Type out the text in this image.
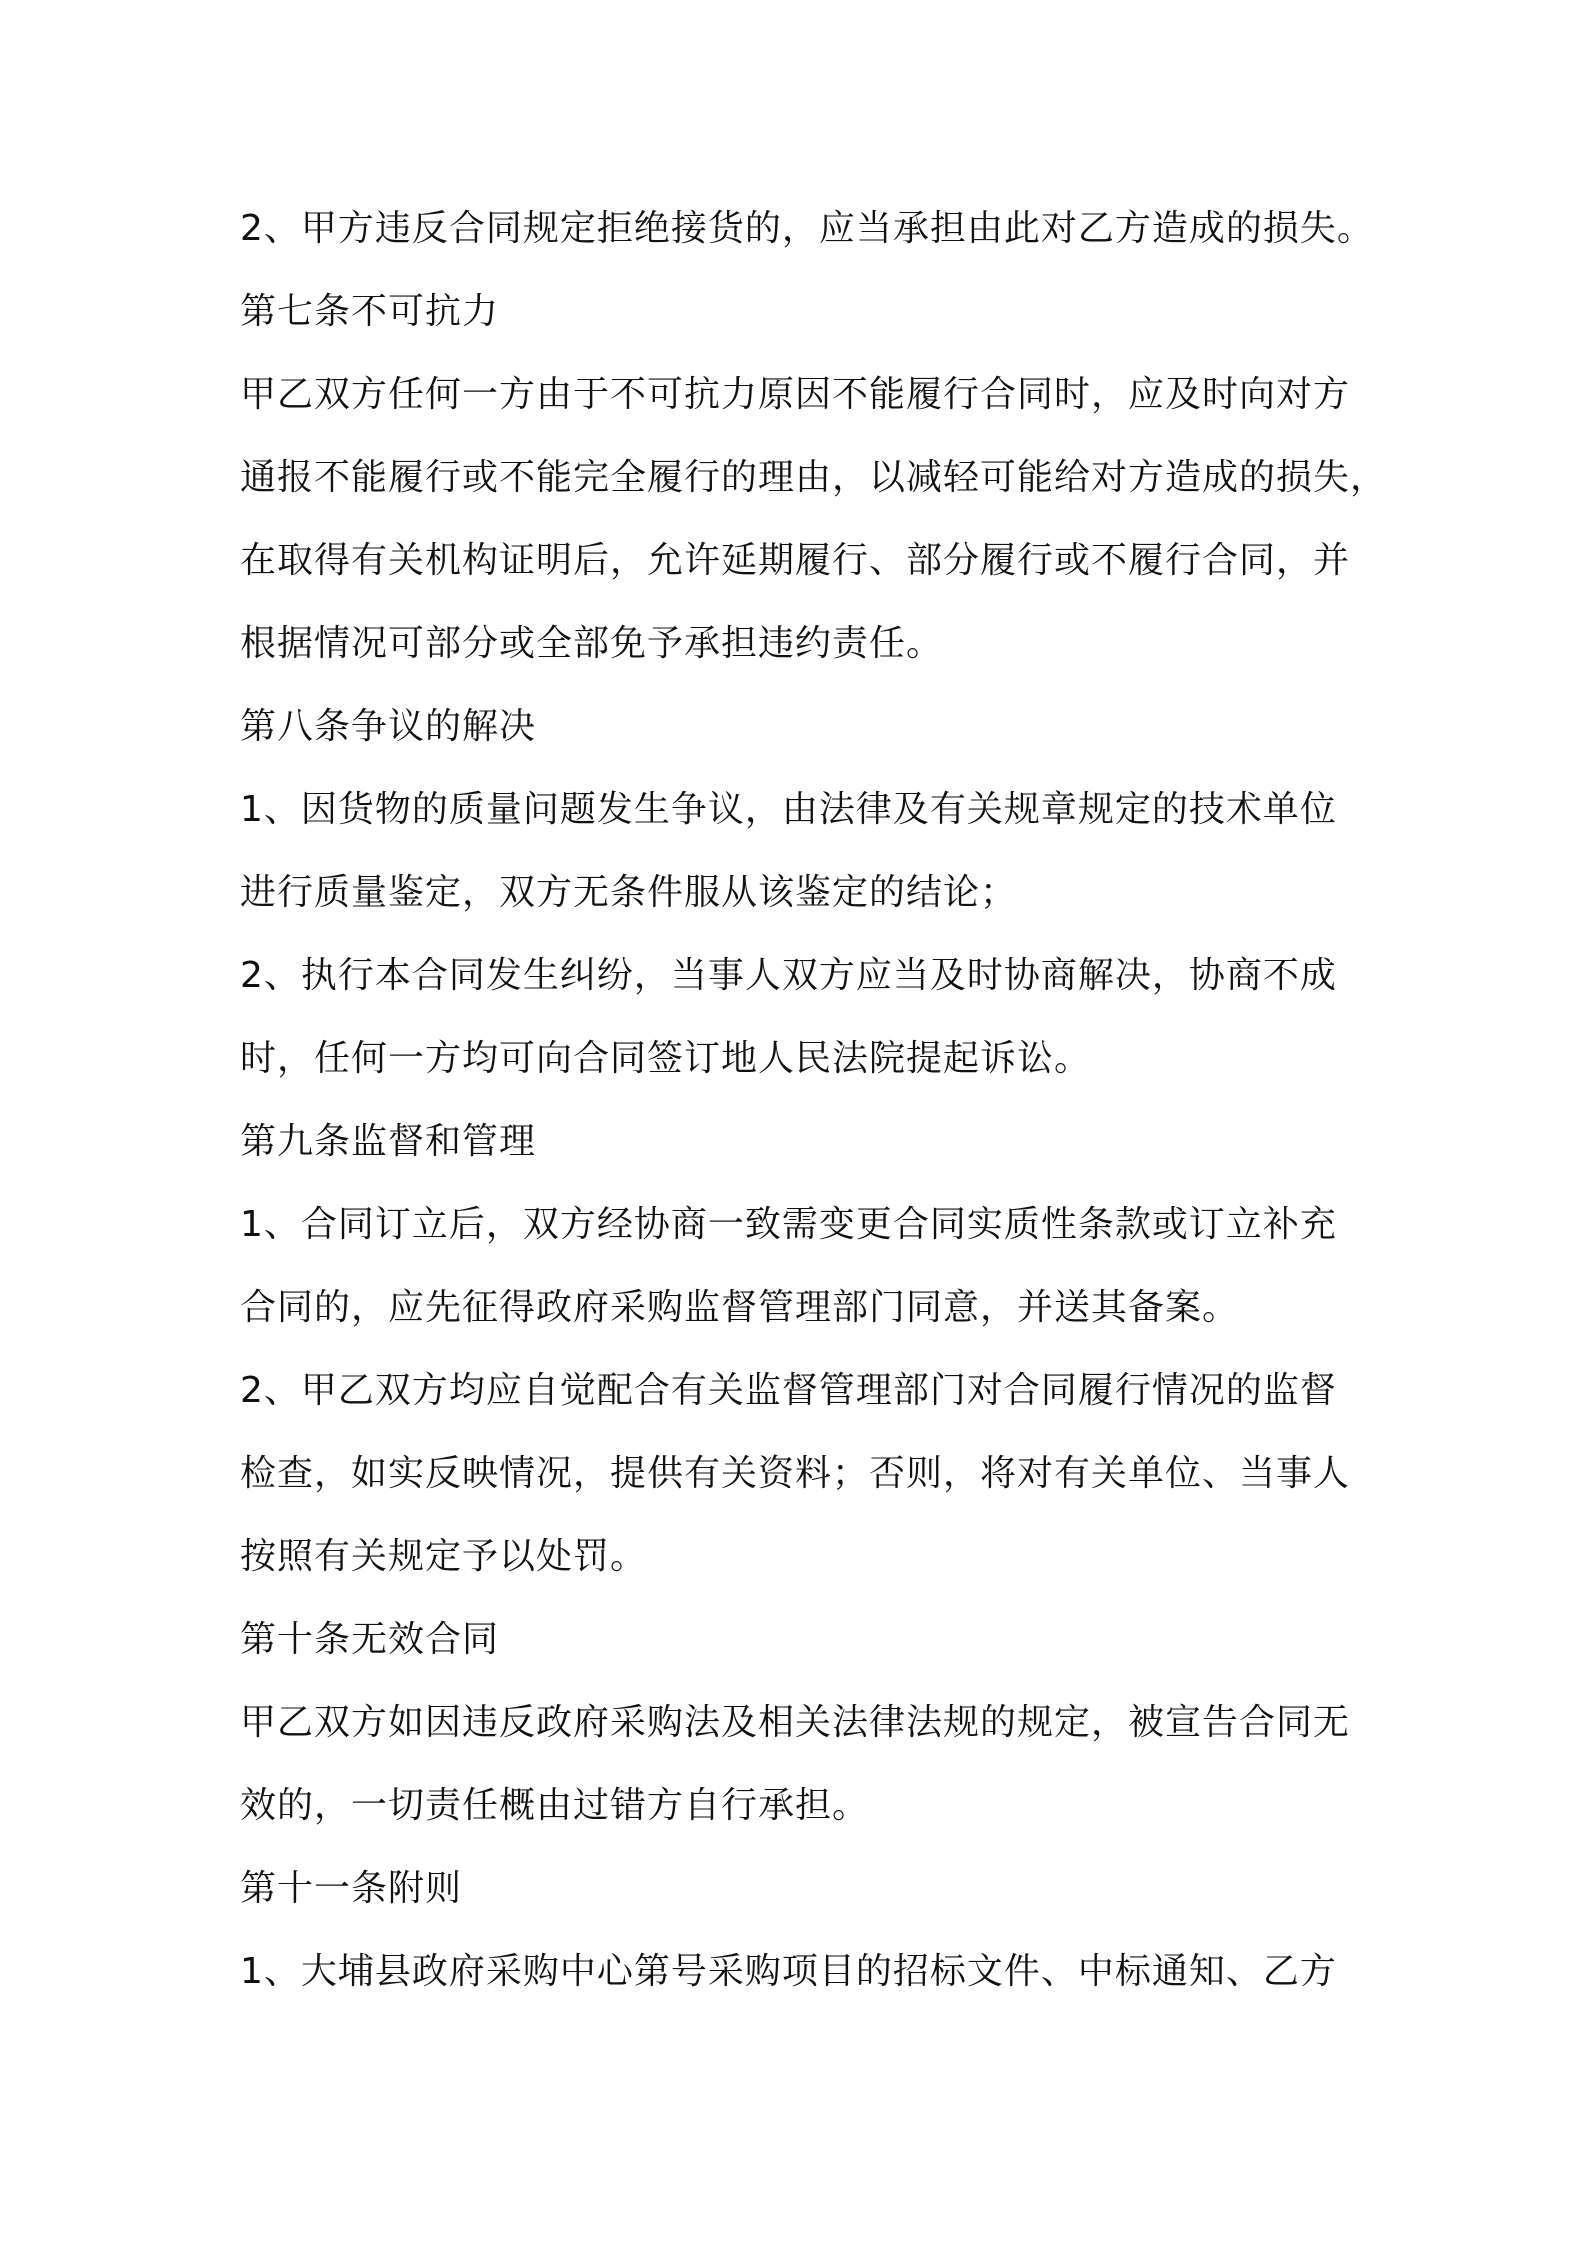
2、甲方违反合同规定拒绝接货的，应当承担由此对乙方造成的损失。
第七条不可抗力
甲乙双方任何一方由于不可抗力原因不能履行合同时，应及时向对方
通报不能履行或不能完全履行的理由，以减轻可能给对方造成的损失，
在取得有关机构证明后，允许延期履行、部分履行或不履行合同，并
根据情况可部分或全部免予承担违约责任。
第八条争议的解决
1、因货物的质量问题发生争议，由法律及有关规章规定的技术单位
进行质量鉴定，双方无条件服从该鉴定的结论；
2、执行本合同发生纠纷，当事人双方应当及时协商解决，协商不成
时，任何一方均可向合同签订地人民法院提起诉讼。
第九条监督和管理
1、合同订立后，双方经协商一致需变更合同实质性条款或订立补充
合同的，应先征得政府采购监督管理部门同意，并送其备案。
2、甲乙双方均应自觉配合有关监督管理部门对合同履行情况的监督
检查，如实反映情况，提供有关资料；否则，将对有关单位、当事人
按照有关规定予以处罚。
第十条无效合同
甲乙双方如因违反政府采购法及相关法律法规的规定，被宣告合同无
效的，一切责任概由过错方自行承担。
第十一条附则
1、大埔县政府采购中心第号采购项目的招标文件、中标通知、乙方
